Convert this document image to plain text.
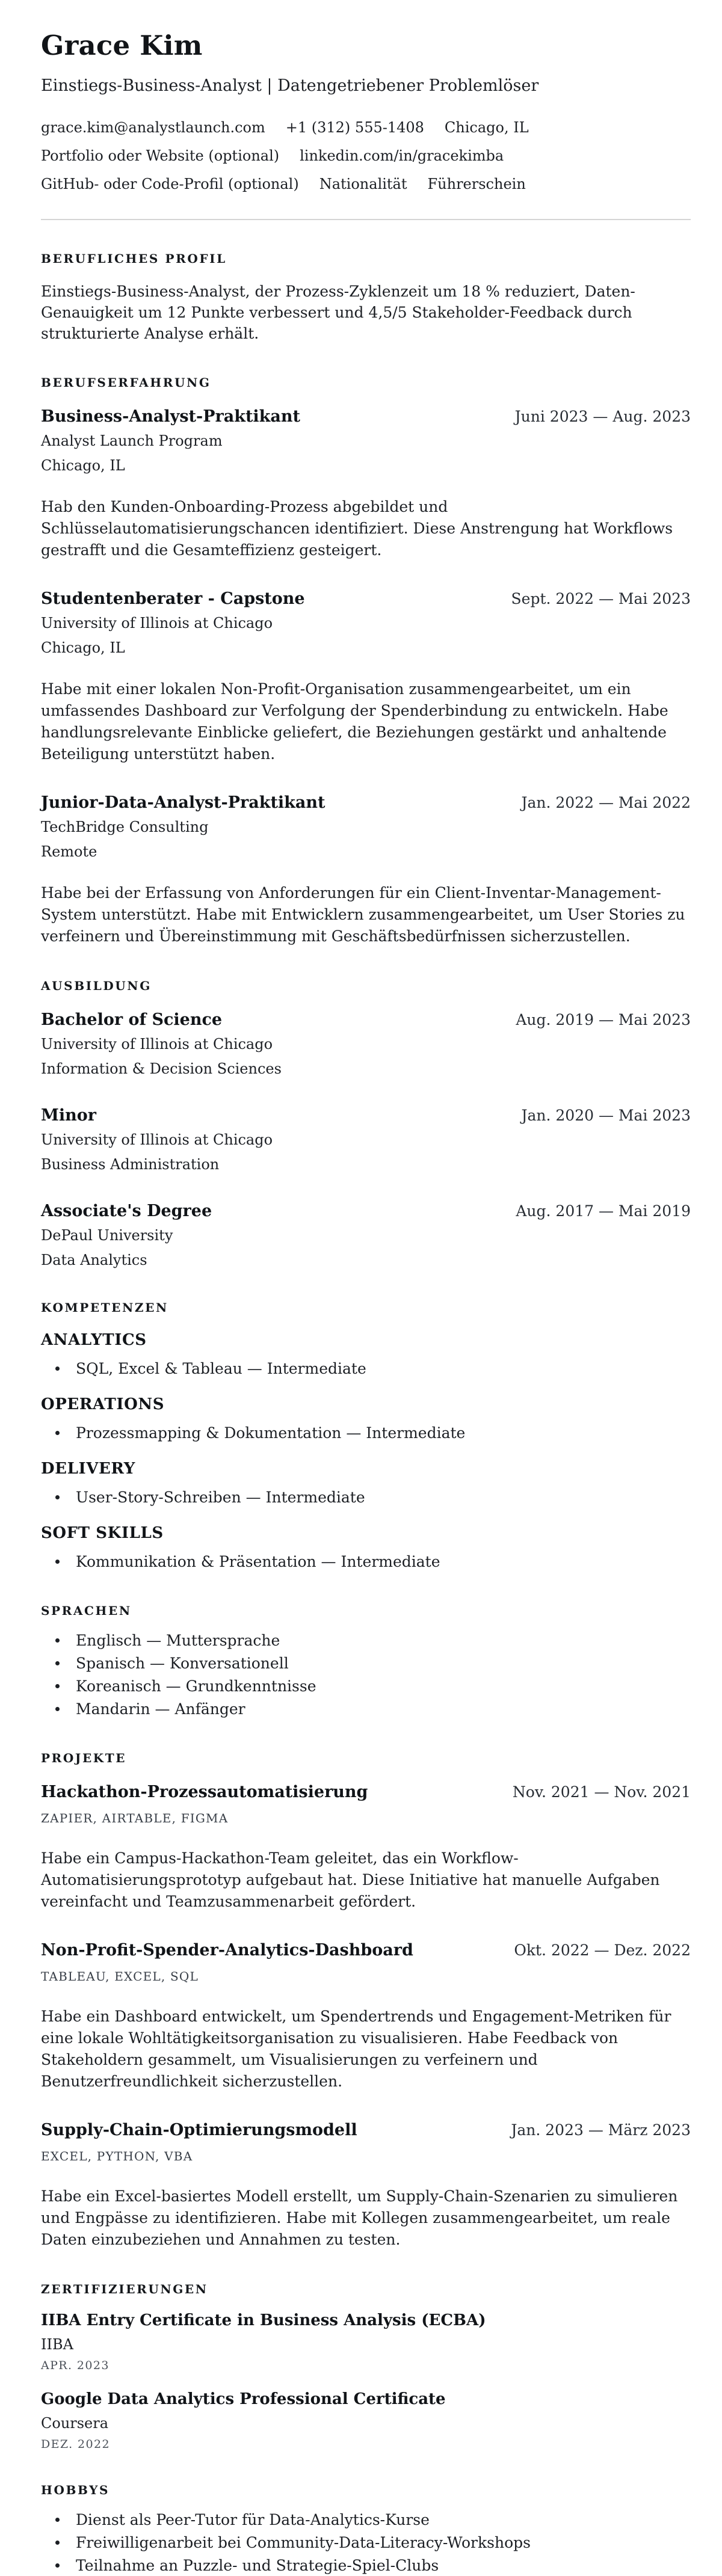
Grace Kim
Einstiegs-Business-Analyst | Datengetriebener Problemlöser
grace.kim@analystlaunch.com +1 (312) 555-1408 Chicago, IL
Portfolio oder Website (optional) linkedin.com/in/gracekimba
GitHub- oder Code-Profil (optional) Nationalität Führerschein
BERUFLICHES PROFIL

Einstiegs-Business-Analyst, der Prozess-Zyklenzeit um 18 % reduziert, Daten-Genauigkeit um 12 Punkte verbessert und 4,5/5 Stakeholder-Feedback durch strukturierte Analyse erhält.

BERUFSERFAHRUNG
Business-Analyst-Praktikant	Juni 2023 — Aug. 2023
Analyst Launch Program
Chicago, IL

Hab den Kunden-Onboarding-Prozess abgebildet und Schlüsselautomatisierungschancen identifiziert. Diese Anstrengung hat Workflows gestrafft und die Gesamteffizienz gesteigert.

Studentenberater - Capstone	Sept. 2022 — Mai 2023
University of Illinois at Chicago
Chicago, IL

Habe mit einer lokalen Non-Profit-Organisation zusammengearbeitet, um ein umfassendes Dashboard zur Verfolgung der Spenderbindung zu entwickeln. Habe handlungsrelevante Einblicke geliefert, die Beziehungen gestärkt und anhaltende Beteiligung unterstützt haben.

Junior-Data-Analyst-Praktikant	Jan. 2022 — Mai 2022
TechBridge Consulting
Remote

Habe bei der Erfassung von Anforderungen für ein Client-Inventar-Management-System unterstützt. Habe mit Entwicklern zusammengearbeitet, um User Stories zu verfeinern und Übereinstimmung mit Geschäftsbedürfnissen sicherzustellen.

AUSBILDUNG
Bachelor of Science	Aug. 2019 — Mai 2023
University of Illinois at Chicago
Information & Decision Sciences
Minor	Jan. 2020 — Mai 2023
University of Illinois at Chicago
Business Administration
Associate's Degree	Aug. 2017 — Mai 2019
DePaul University
Data Analytics
KOMPETENZEN
ANALYTICS
SQL, Excel & Tableau — Intermediate
OPERATIONS
Prozessmapping & Dokumentation — Intermediate
DELIVERY
User-Story-Schreiben — Intermediate
SOFT SKILLS
Kommunikation & Präsentation — Intermediate
SPRACHEN
Englisch — Muttersprache
Spanisch — Konversationell
Koreanisch — Grundkenntnisse
Mandarin — Anfänger
PROJEKTE
Hackathon-Prozessautomatisierung	Nov. 2021 — Nov. 2021
ZAPIER, AIRTABLE, FIGMA

Habe ein Campus-Hackathon-Team geleitet, das ein Workflow-Automatisierungsprototyp aufgebaut hat. Diese Initiative hat manuelle Aufgaben vereinfacht und Teamzusammenarbeit gefördert.

Non-Profit-Spender-Analytics-Dashboard	Okt. 2022 — Dez. 2022
TABLEAU, EXCEL, SQL

Habe ein Dashboard entwickelt, um Spendertrends und Engagement-Metriken für eine lokale Wohltätigkeitsorganisation zu visualisieren. Habe Feedback von Stakeholdern gesammelt, um Visualisierungen zu verfeinern und Benutzerfreundlichkeit sicherzustellen.

Supply-Chain-Optimierungsmodell	Jan. 2023 — März 2023
EXCEL, PYTHON, VBA

Habe ein Excel-basiertes Modell erstellt, um Supply-Chain-Szenarien zu simulieren und Engpässe zu identifizieren. Habe mit Kollegen zusammengearbeitet, um reale Daten einzubeziehen und Annahmen zu testen.

ZERTIFIZIERUNGEN
IIBA Entry Certificate in Business Analysis (ECBA)
IIBA
APR. 2023
Google Data Analytics Professional Certificate
Coursera
DEZ. 2022
HOBBYS
Dienst als Peer-Tutor für Data-Analytics-Kurse
Freiwilligenarbeit bei Community-Data-Literacy-Workshops
Teilnahme an Puzzle- und Strategie-Spiel-Clubs
